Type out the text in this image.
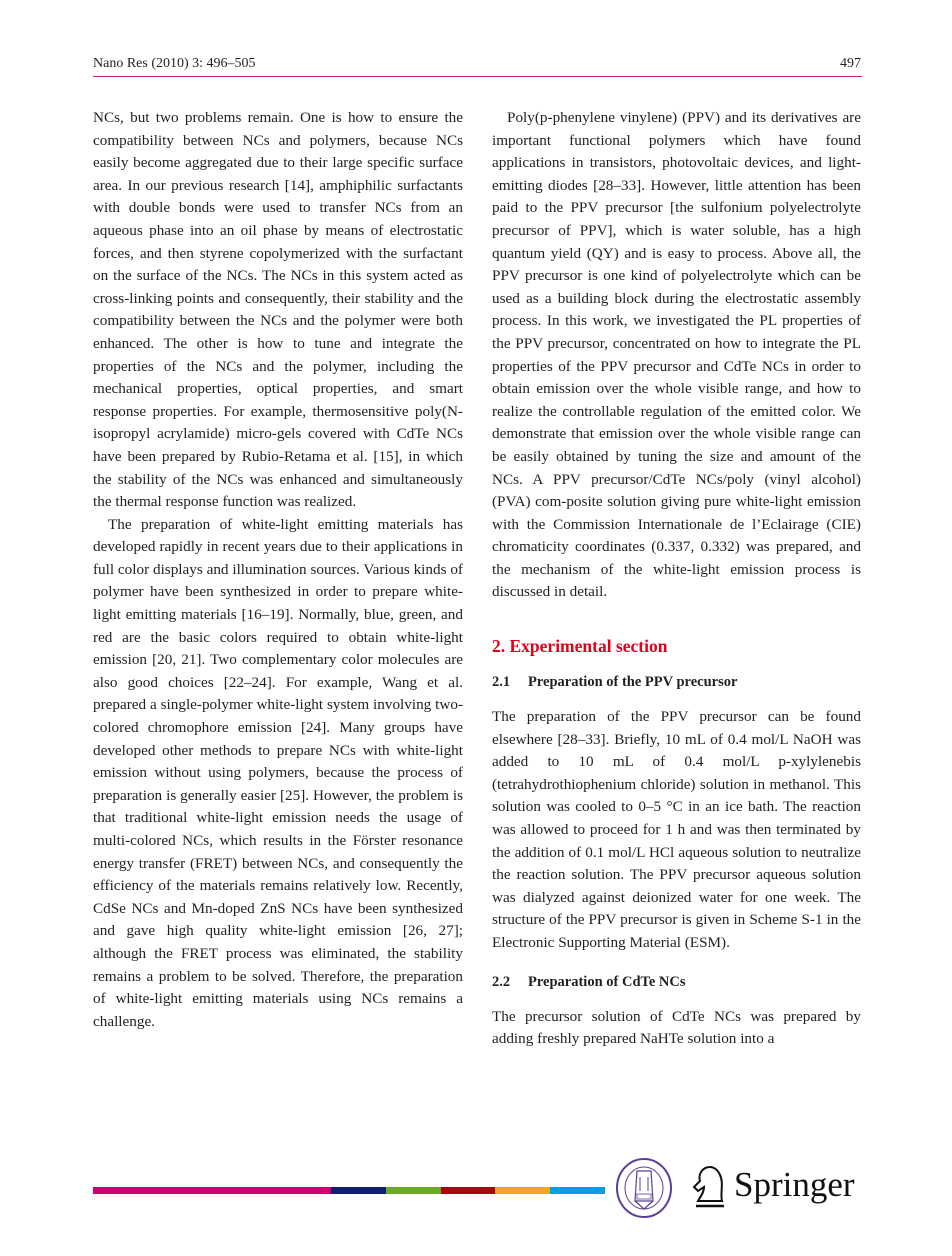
Nano Res (2010) 3: 496–505	497

NCs, but two problems remain. One is how to ensure the compatibility between NCs and polymers, because NCs easily become aggregated due to their large specific surface area. In our previous research [14], amphiphilic surfactants with double bonds were used to transfer NCs from an aqueous phase into an oil phase by means of electrostatic forces, and then styrene copolymerized with the surfactant on the surface of the NCs. The NCs in this system acted as cross-linking points and consequently, their stability and the compatibility between the NCs and the polymer were both enhanced. The other is how to tune and integrate the properties of the NCs and the polymer, including the mechanical properties, optical properties, and smart response properties. For example, thermosensitive poly(N-isopropyl acrylamide) micro-gels covered with CdTe NCs have been prepared by Rubio-Retama et al. [15], in which the stability of the NCs was enhanced and simultaneously the thermal response function was realized.

The preparation of white-light emitting materials has developed rapidly in recent years due to their applications in full color displays and illumination sources. Various kinds of polymer have been synthesized in order to prepare white-light emitting materials [16–19]. Normally, blue, green, and red are the basic colors required to obtain white-light emission [20, 21]. Two complementary color molecules are also good choices [22–24]. For example, Wang et al. prepared a single-polymer white-light system involving two-colored chromophore emission [24]. Many groups have developed other methods to prepare NCs with white-light emission without using polymers, because the process of preparation is generally easier [25]. However, the problem is that traditional white-light emission needs the usage of multi-colored NCs, which results in the Förster resonance energy transfer (FRET) between NCs, and consequently the efficiency of the materials remains relatively low. Recently, CdSe NCs and Mn-doped ZnS NCs have been synthesized and gave high quality white-light emission [26, 27]; although the FRET process was eliminated, the stability remains a problem to be solved. Therefore, the preparation of white-light emitting materials using NCs remains a challenge.

Poly(p-phenylene vinylene) (PPV) and its derivatives are important functional polymers which have found applications in transistors, photovoltaic devices, and light-emitting diodes [28–33]. However, little attention has been paid to the PPV precursor [the sulfonium polyelectrolyte precursor of PPV], which is water soluble, has a high quantum yield (QY) and is easy to process. Above all, the PPV precursor is one kind of polyelectrolyte which can be used as a building block during the electrostatic assembly process. In this work, we investigated the PL properties of the PPV precursor, concentrated on how to integrate the PL properties of the PPV precursor and CdTe NCs in order to obtain emission over the whole visible range, and how to realize the controllable regulation of the emitted color. We demonstrate that emission over the whole visible range can be easily obtained by tuning the size and amount of the NCs. A PPV precursor/CdTe NCs/poly (vinyl alcohol) (PVA) com-posite solution giving pure white-light emission with the Commission Internationale de l’Eclairage (CIE) chromaticity coordinates (0.337, 0.332) was prepared, and the mechanism of the white-light emission process is discussed in detail.

2. Experimental section

2.1 Preparation of the PPV precursor

The preparation of the PPV precursor can be found elsewhere [28–33]. Briefly, 10 mL of 0.4 mol/L NaOH was added to 10 mL of 0.4 mol/L p-xylylenebis (tetrahydrothiophenium chloride) solution in methanol. This solution was cooled to 0–5 °C in an ice bath. The reaction was allowed to proceed for 1 h and was then terminated by the addition of 0.1 mol/L HCl aqueous solution to neutralize the reaction solution. The PPV precursor aqueous solution was dialyzed against deionized water for one week. The structure of the PPV precursor is given in Scheme S-1 in the Electronic Supporting Material (ESM).

2.2 Preparation of CdTe NCs

The precursor solution of CdTe NCs was prepared by adding freshly prepared NaHTe solution into a

Springer
